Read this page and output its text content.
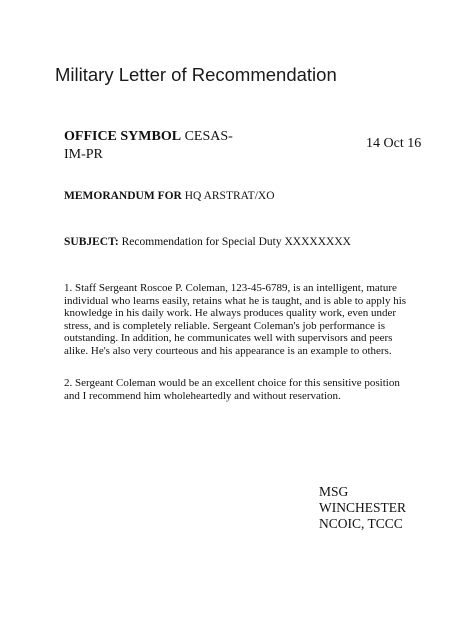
Military Letter of Recommendation
OFFICE SYMBOL CESAS-IM-PR
14 Oct 16
MEMORANDUM FOR HQ ARSTRAT/XO
SUBJECT: Recommendation for Special Duty XXXXXXXX
1. Staff Sergeant Roscoe P. Coleman, 123-45-6789, is an intelligent, mature individual who learns easily, retains what he is taught, and is able to apply his knowledge in his daily work. He always produces quality work, even under stress, and is completely reliable. Sergeant Coleman's job performance is outstanding. In addition, he communicates well with supervisors and peers alike. He's also very courteous and his appearance is an example to others.
2. Sergeant Coleman would be an excellent choice for this sensitive position and I recommend him wholeheartedly and without reservation.
MSG
WINCHESTER
NCOIC, TCCC
